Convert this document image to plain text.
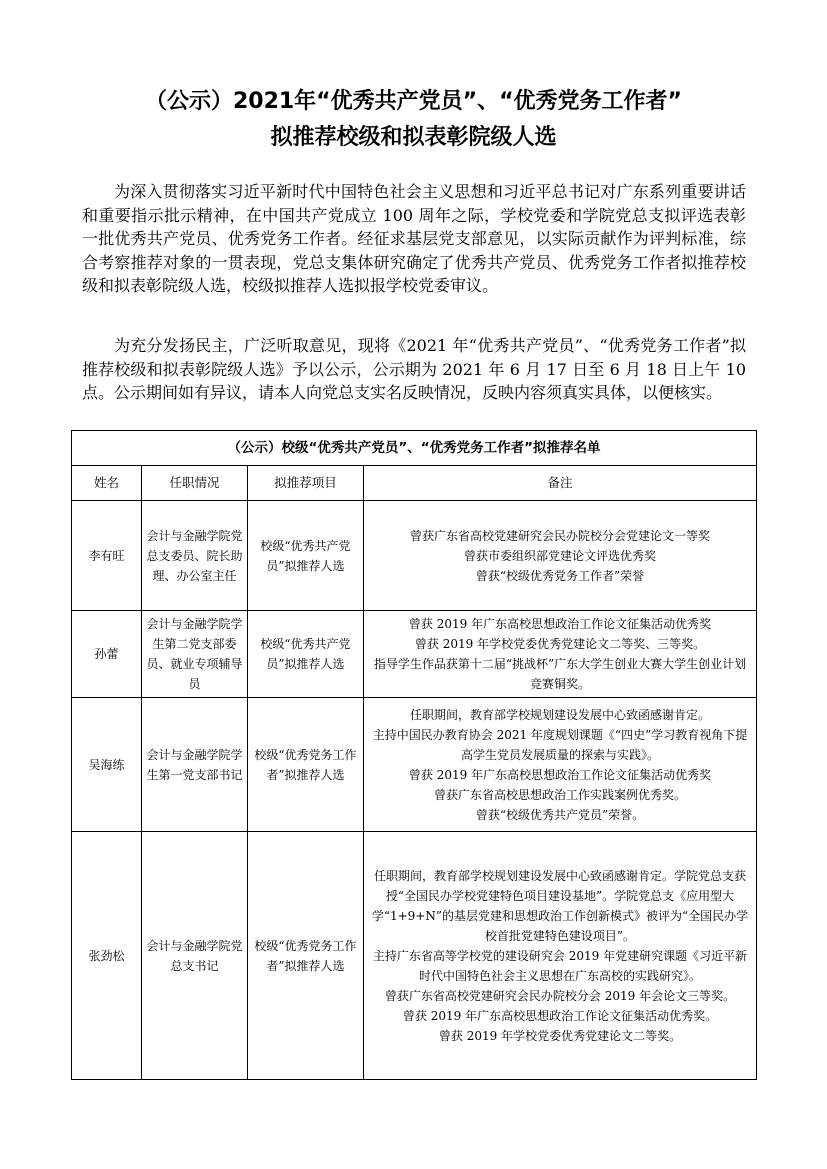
（公示）2021年“优秀共产党员”、“优秀党务工作者”
拟推荐校级和拟表彰院级人选

为深入贯彻落实习近平新时代中国特色社会主义思想和习近平总书记对广东系列重要讲话和重要指示批示精神，在中国共产党成立 100 周年之际，学校党委和学院党总支拟评选表彰一批优秀共产党员、优秀党务工作者。经征求基层党支部意见，以实际贡献作为评判标准，综合考察推荐对象的一贯表现，党总支集体研究确定了优秀共产党员、优秀党务工作者拟推荐校级和拟表彰院级人选，校级拟推荐人选拟报学校党委审议。

为充分发扬民主，广泛听取意见，现将《2021 年“优秀共产党员”、“优秀党务工作者”拟推荐校级和拟表彰院级人选》予以公示，公示期为 2021 年 6 月 17 日至 6 月 18 日上午 10 点。公示期间如有异议，请本人向党总支实名反映情况，反映内容须真实具体，以便核实。

（公示）校级“优秀共产党员”、“优秀党务工作者”拟推荐名单			
姓名	任职情况	拟推荐项目	备注
李有旺	会计与金融学院党总支委员、院长助理、办公室主任	校级“优秀共产党员”拟推荐人选	曾获广东省高校党建研究会民办院校分会党建论文一等奖
曾获市委组织部党建论文评选优秀奖
曾获“校级优秀党务工作者”荣誉

孙蕾	会计与金融学院学生第二党支部委员、就业专项辅导员	校级“优秀共产党员”拟推荐人选	曾获 2019 年广东高校思想政治工作论文征集活动优秀奖
曾获 2019 年学校党委优秀党建论文二等奖、三等奖。
指导学生作品获第十二届“挑战杯”广东大学生创业大赛大学生创业计划竞赛铜奖。

吴海练	会计与金融学院学生第一党支部书记	校级“优秀党务工作者”拟推荐人选	任职期间，教育部学校规划建设发展中心致函感谢肯定。
主持中国民办教育协会 2021 年度规划课题《“四史”学习教育视角下提高学生党员发展质量的探索与实践》。
曾获 2019 年广东高校思想政治工作论文征集活动优秀奖
曾获广东省高校思想政治工作实践案例优秀奖。
曾获“校级优秀共产党员”荣誉。

张劲松	会计与金融学院党总支书记	校级“优秀党务工作者”拟推荐人选	任职期间，教育部学校规划建设发展中心致函感谢肯定。学院党总支获授“全国民办学校党建特色项目建设基地”。学院党总支《应用型大学“1+9+N”的基层党建和思想政治工作创新模式》被评为“全国民办学校首批党建特色建设项目”。
主持广东省高等学校党的建设研究会 2019 年党建研究课题《习近平新时代中国特色社会主义思想在广东高校的实践研究》。
曾获广东省高校党建研究会民办院校分会 2019 年会论文三等奖。
曾获 2019 年广东高校思想政治工作论文征集活动优秀奖。
曾获 2019 年学校党委优秀党建论文二等奖。
